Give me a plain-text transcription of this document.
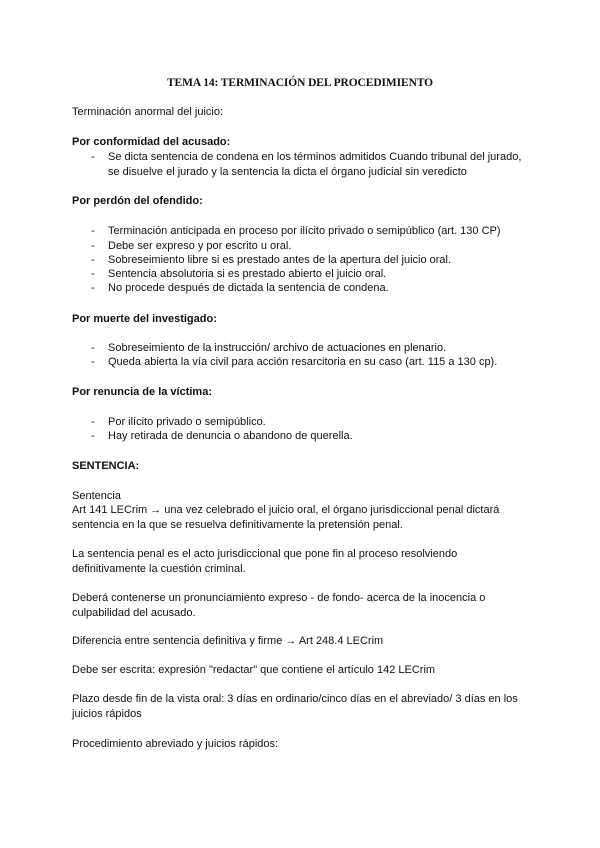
TEMA 14: TERMINACIÓN DEL PROCEDIMIENTO
Terminación anormal del juicio:
Por conformidad del acusado:
- Se dicta sentencia de condena en los términos admitidos Cuando tribunal del jurado, se disuelve el jurado y la sentencia la dicta el órgano judicial sin veredicto
Por perdón del ofendido:
- Terminación anticipada en proceso por ilícito privado o semipúblico (art. 130 CP)
- Debe ser expreso y por escrito u oral.
- Sobreseimiento libre si es prestado antes de la apertura del juicio oral.
- Sentencia absolutoria si es prestado abierto el juicio oral.
- No procede después de dictada la sentencia de condena.
Por muerte del investigado:
- Sobreseimiento de la instrucción/ archivo de actuaciones en plenario.
- Queda abierta la vía civil para acción resarcitoria en su caso (art. 115 a 130 cp).
Por renuncia de la víctima:
- Por ilícito privado o semipúblico.
- Hay retirada de denuncia o abandono de querella.
SENTENCIA:
Sentencia
Art 141 LECrim → una vez celebrado el juicio oral, el órgano jurisdiccional penal dictará sentencia en la que se resuelva definitivamente la pretensión penal.
La sentencia penal es el acto jurisdiccional que pone fin al proceso resolviendo definitivamente la cuestión criminal.
Deberá contenerse un pronunciamiento expreso - de fondo- acerca de la inocencia o culpabilidad del acusado.
Diferencia entre sentencia definitiva y firme → Art 248.4 LECrim
Debe ser escrita: expresión "redactar" que contiene el artículo 142 LECrim
Plazo desde fin de la vista oral: 3 días en ordinario/cinco días en el abreviado/ 3 días en los juicios rápidos
Procedimiento abreviado y juicios rápidos:
